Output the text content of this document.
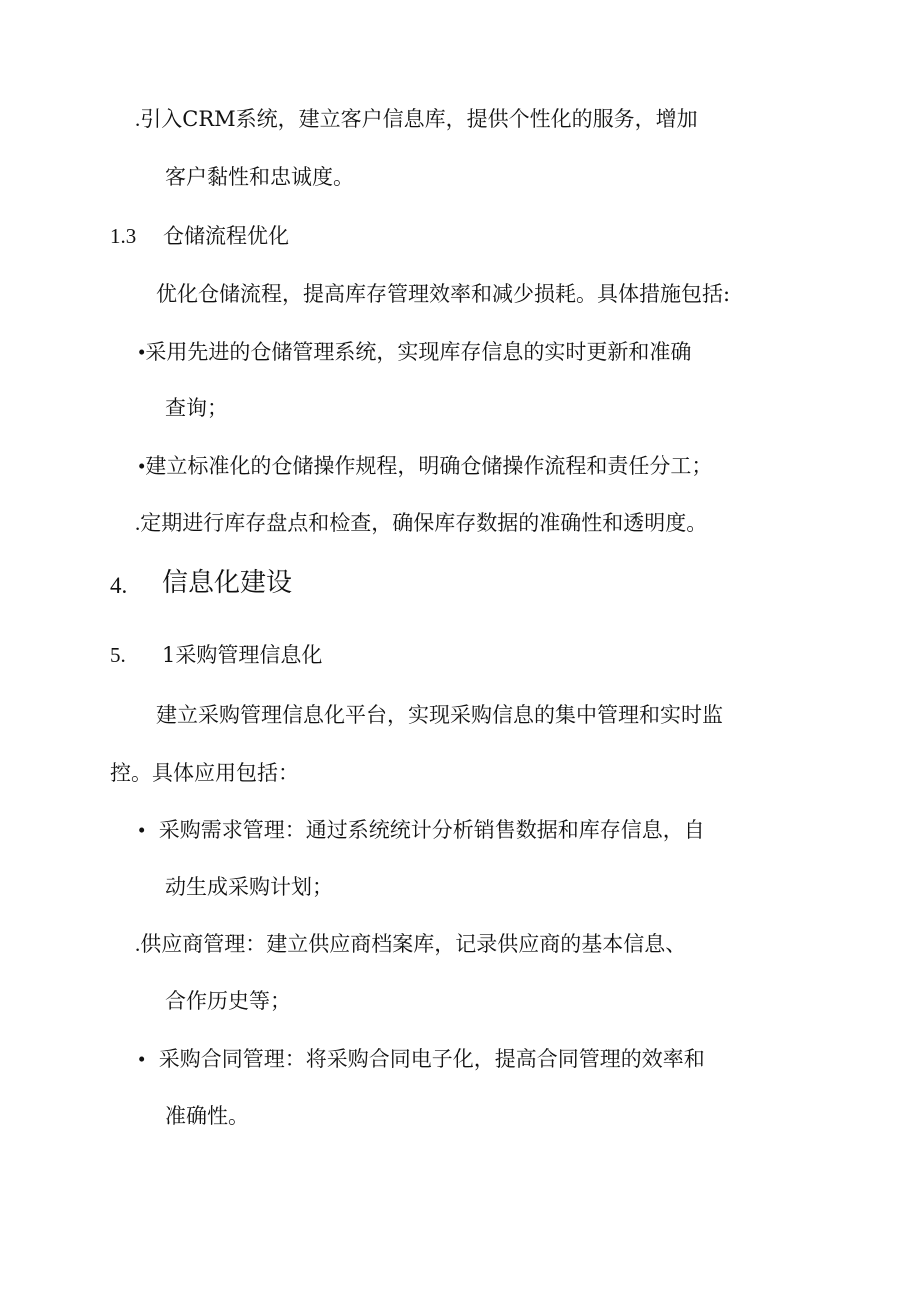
.引入CRM系统，建立客户信息库，提供个性化的服务，增加
客户黏性和忠诚度。
1.3 仓储流程优化
优化仓储流程，提高库存管理效率和减少损耗。具体措施包括:
•采用先进的仓储管理系统，实现库存信息的实时更新和准确
查询；
•建立标准化的仓储操作规程，明确仓储操作流程和责任分工；
.定期进行库存盘点和检查，确保库存数据的准确性和透明度。
4. 信息化建设
5. 1采购管理信息化
建立采购管理信息化平台，实现采购信息的集中管理和实时监
控。具体应用包括：
• 采购需求管理：通过系统统计分析销售数据和库存信息，自
动生成采购计划；
.供应商管理：建立供应商档案库，记录供应商的基本信息、
合作历史等；
• 采购合同管理：将采购合同电子化，提高合同管理的效率和
准确性。
